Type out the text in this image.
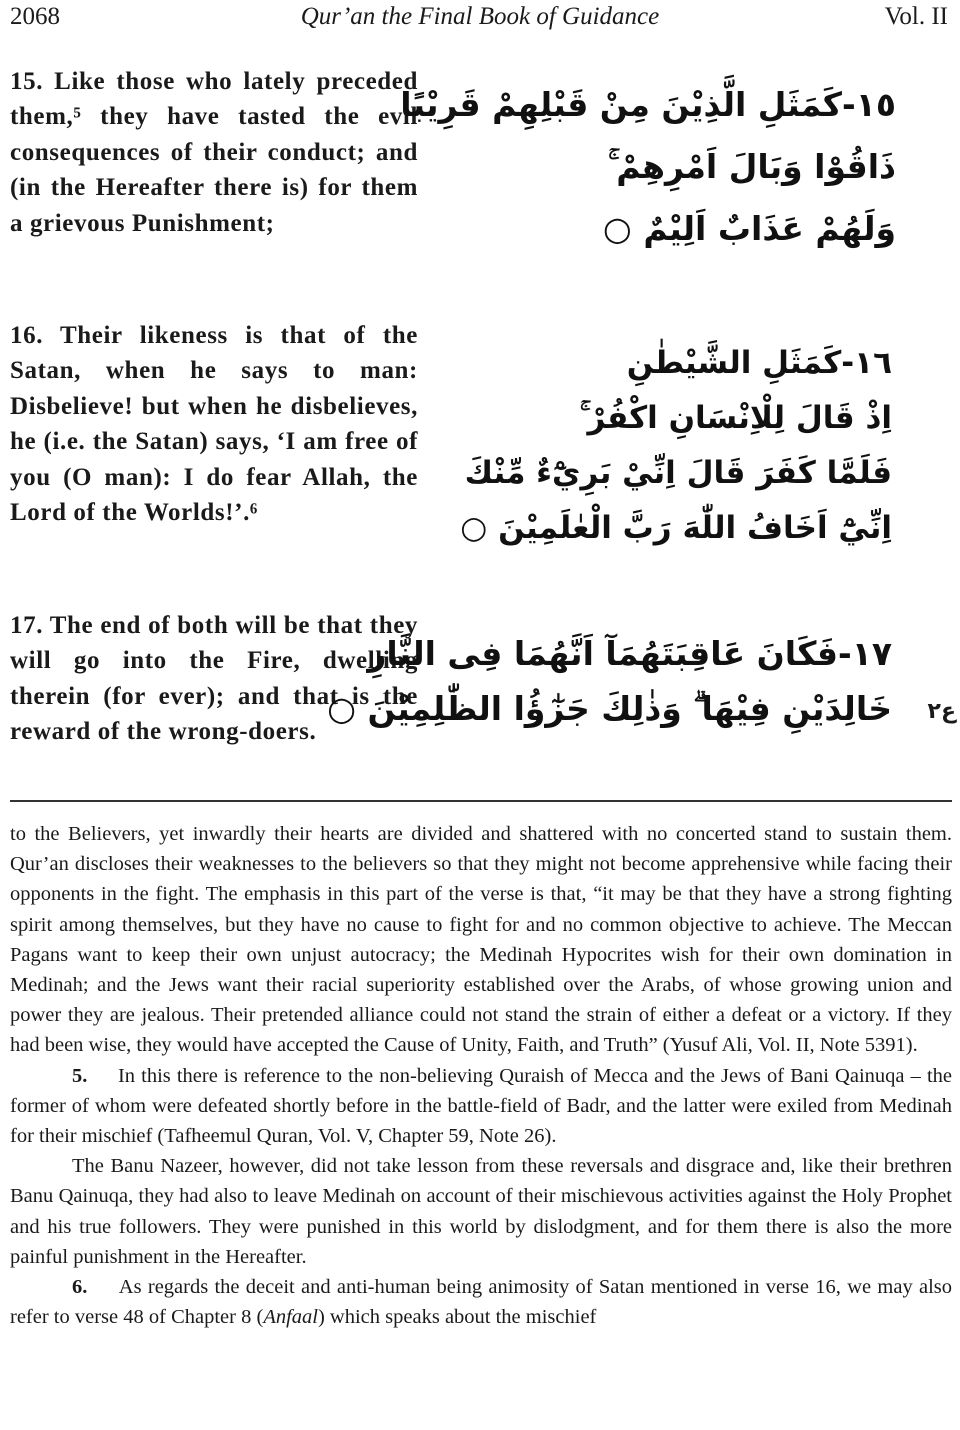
2068	Qur’an the Final Book of Guidance	Vol. II
15. Like those who lately preceded them,⁵ they have tasted the evil consequences of their conduct; and (in the Hereafter there is) for them a grievous Punishment;
١٥-كَمَثَلِ الَّذِيْنَ مِنْ قَبْلِهِمْ قَرِيْبًا
ذَاقُوْا وَبَالَ اَمْرِهِمْ ۚ
وَلَهُمْ عَذَابٌ اَلِيْمٌ ○
16. Their likeness is that of the Satan, when he says to man: Disbelieve! but when he disbelieves, he (i.e. the Satan) says, ‘I am free of you (O man): I do fear Allah, the Lord of the Worlds!’.⁶
١٦-كَمَثَلِ الشَّيْطٰنِ
اِذْ قَالَ لِلْاِنْسَانِ اكْفُرْ ۚ
فَلَمَّا كَفَرَ قَالَ اِنِّيْ بَرِيْٓءٌ مِّنْكَ
اِنِّيْٓ اَخَافُ اللّٰهَ رَبَّ الْعٰلَمِيْنَ ○
17. The end of both will be that they will go into the Fire, dwelling therein (for ever); and that is the reward of the wrong-doers.
١٧-فَكَانَ عَاقِبَتَهُمَآ اَنَّهُمَا فِى النَّارِ
خَالِدَيْنِ فِيْهَا ۗ وَذٰلِكَ جَزٰٓؤُا الظّٰلِمِيْنَ ○ ع٢

to the Believers, yet inwardly their hearts are divided and shattered with no concerted stand to sustain them. Qur’an discloses their weaknesses to the believers so that they might not become apprehensive while facing their opponents in the fight. The emphasis in this part of the verse is that, “it may be that they have a strong fighting spirit among themselves, but they have no cause to fight for and no common objective to achieve. The Meccan Pagans want to keep their own unjust autocracy; the Medinah Hypocrites wish for their own domination in Medinah; and the Jews want their racial superiority established over the Arabs, of whose growing union and power they are jealous. Their pretended alliance could not stand the strain of either a defeat or a victory. If they had been wise, they would have accepted the Cause of Unity, Faith, and Truth” (Yusuf Ali, Vol. II, Note 5391).

5. In this there is reference to the non-believing Quraish of Mecca and the Jews of Bani Qainuqa – the former of whom were defeated shortly before in the battle-field of Badr, and the latter were exiled from Medinah for their mischief (Tafheemul Quran, Vol. V, Chapter 59, Note 26).

The Banu Nazeer, however, did not take lesson from these reversals and disgrace and, like their brethren Banu Qainuqa, they had also to leave Medinah on account of their mischievous activities against the Holy Prophet and his true followers. They were punished in this world by dislodgment, and for them there is also the more painful punishment in the Hereafter.

6. As regards the deceit and anti-human being animosity of Satan mentioned in verse 16, we may also refer to verse 48 of Chapter 8 (Anfaal) which speaks about the mischief
